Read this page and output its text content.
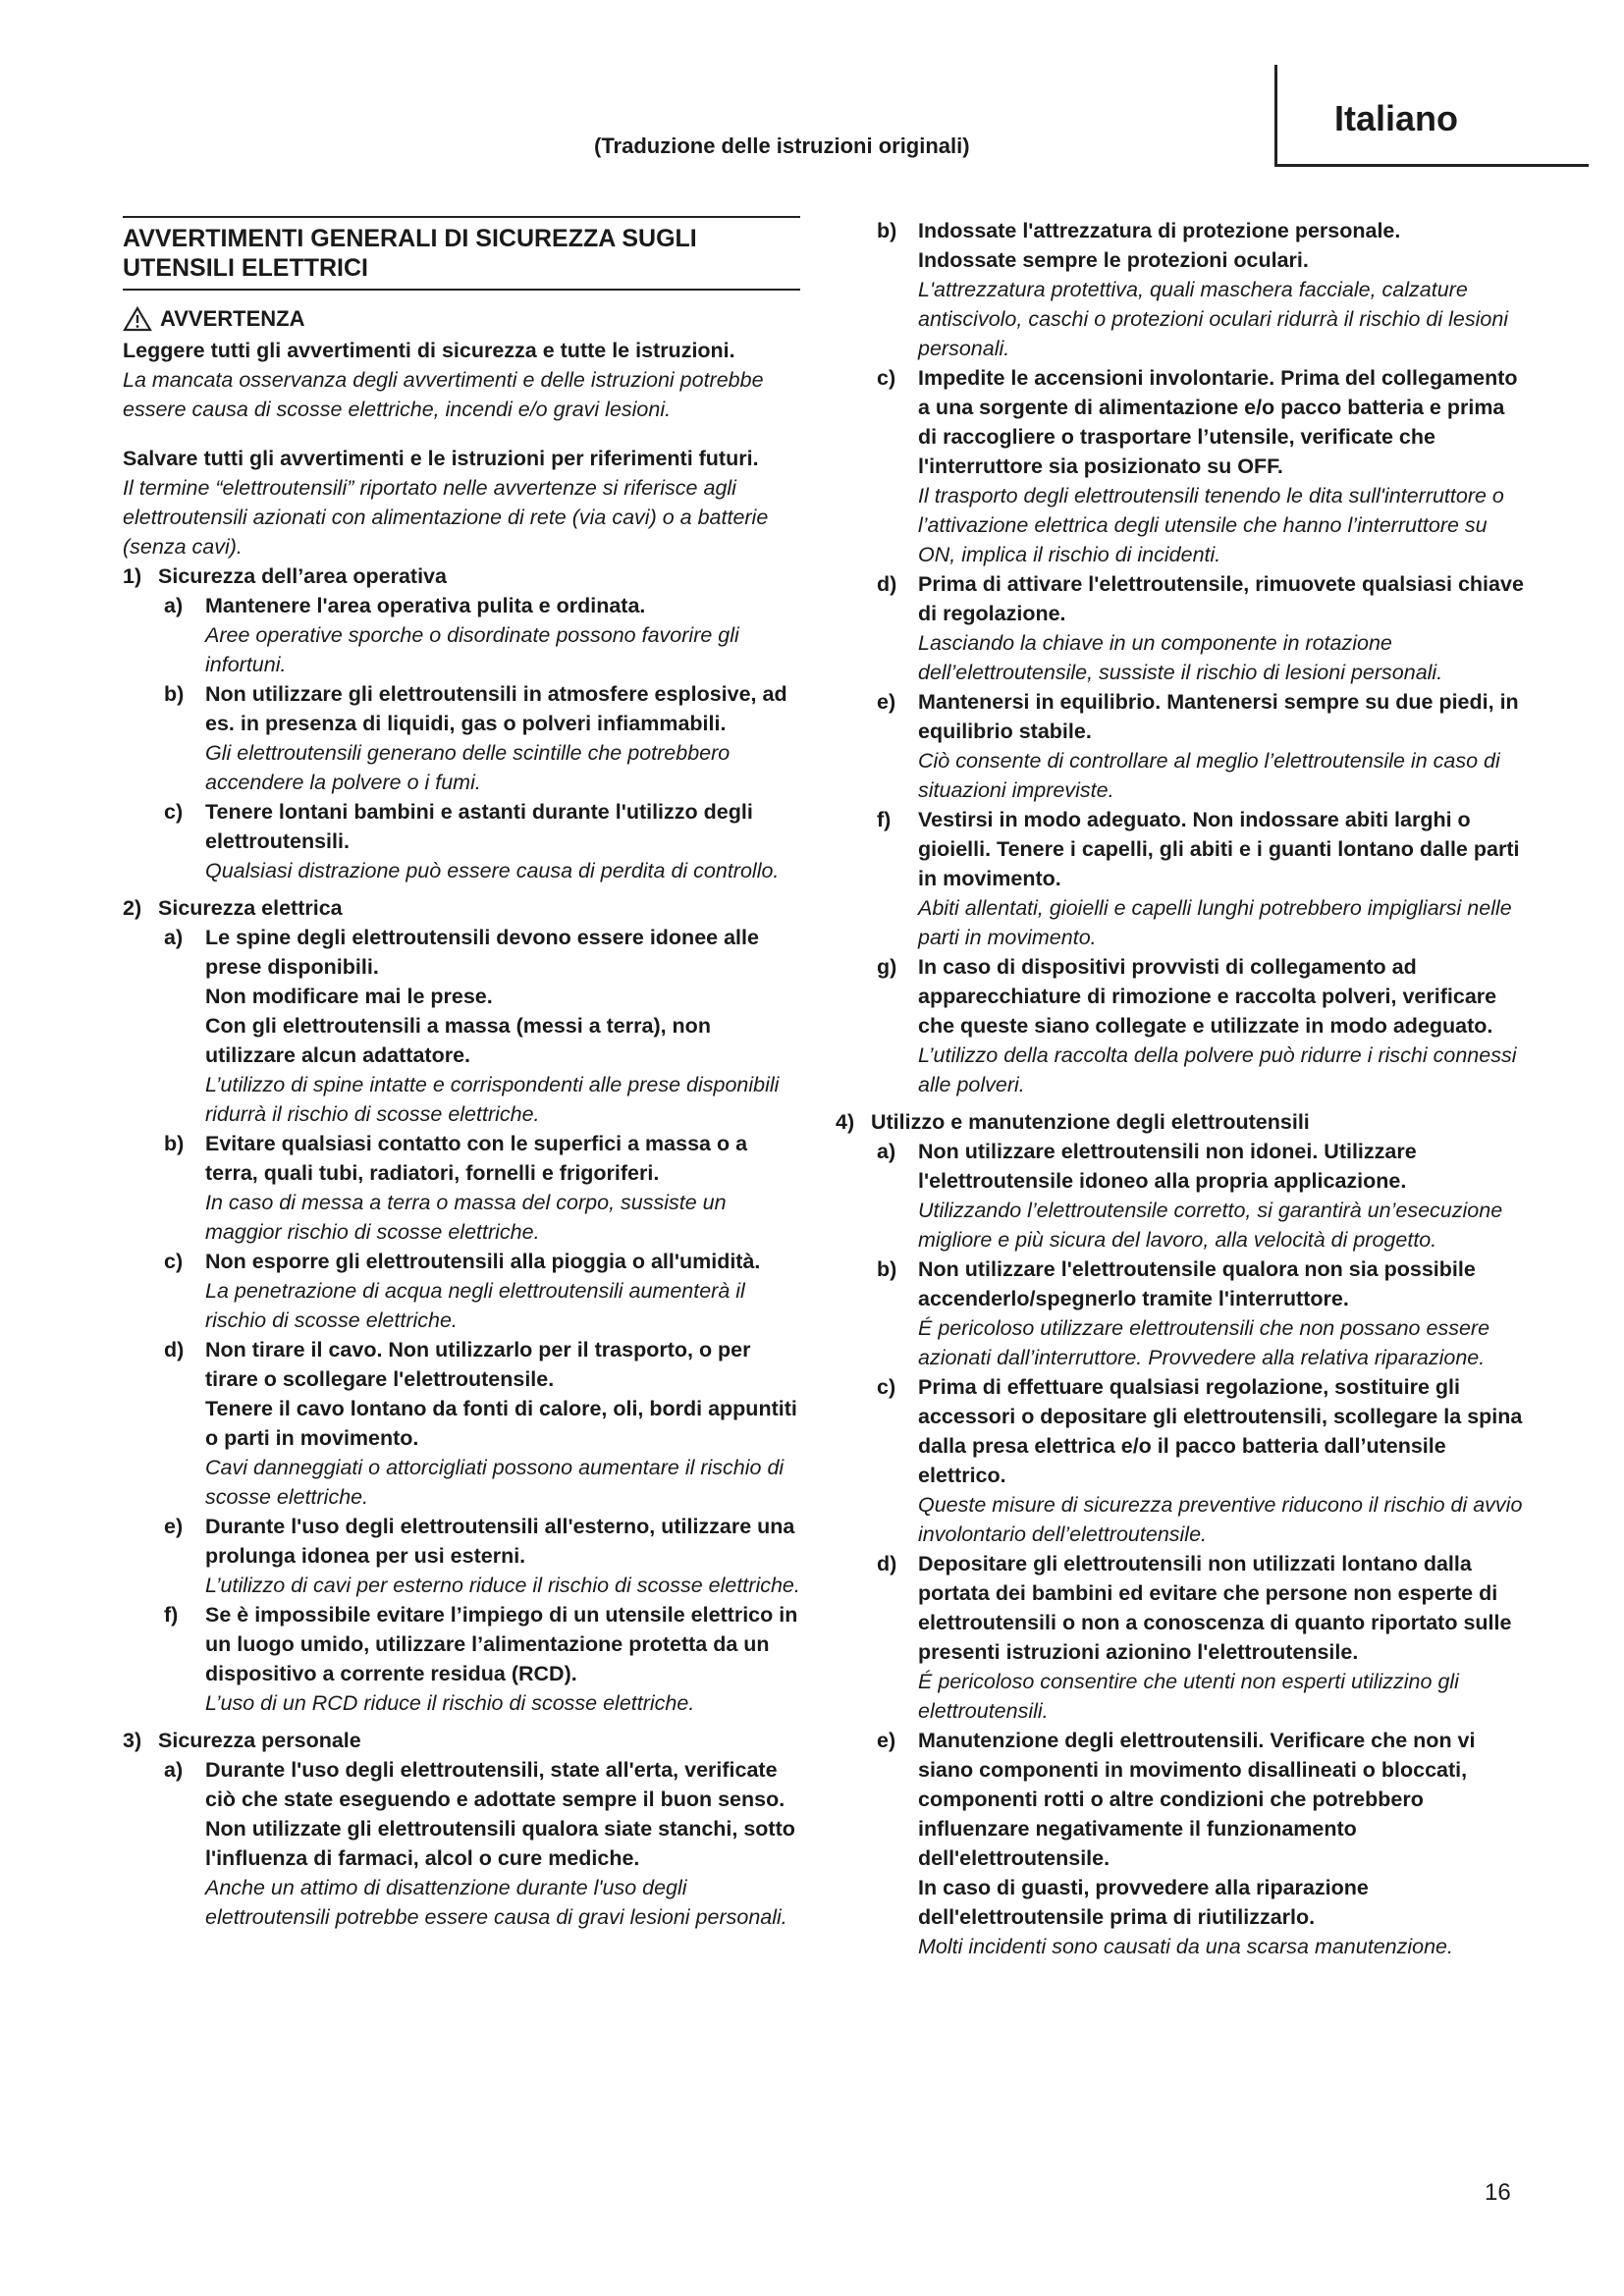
Italiano
(Traduzione delle istruzioni originali)
AVVERTIMENTI GENERALI DI SICUREZZA SUGLI UTENSILI ELETTRICI
AVVERTENZA
Leggere tutti gli avvertimenti di sicurezza e tutte le istruzioni.
La mancata osservanza degli avvertimenti e delle istruzioni potrebbe essere causa di scosse elettriche, incendi e/o gravi lesioni.
Salvare tutti gli avvertimenti e le istruzioni per riferimenti futuri.
Il termine “elettroutensili” riportato nelle avvertenze si riferisce agli elettroutensili azionati con alimentazione di rete (via cavi) o a batterie (senza cavi).
1) Sicurezza dell’area operativa
a)	Mantenere l'area operativa pulita e ordinata.
Aree operative sporche o disordinate possono favorire gli infortuni.
b)	Non utilizzare gli elettroutensili in atmosfere esplosive, ad es. in presenza di liquidi, gas o polveri infiammabili.
Gli elettroutensili generano delle scintille che potrebbero accendere la polvere o i fumi.
c)	Tenere lontani bambini e astanti durante l'utilizzo degli elettroutensili.
Qualsiasi distrazione può essere causa di perdita di controllo.
2) Sicurezza elettrica
a)	Le spine degli elettroutensili devono essere idonee alle prese disponibili.
Non modificare mai le prese.
Con gli elettroutensili a massa (messi a terra), non utilizzare alcun adattatore.
L’utilizzo di spine intatte e corrispondenti alle prese disponibili ridurrà il rischio di scosse elettriche.
b)	Evitare qualsiasi contatto con le superfici a massa o a terra, quali tubi, radiatori, fornelli e frigoriferi.
In caso di messa a terra o massa del corpo, sussiste un maggior rischio di scosse elettriche.
c)	Non esporre gli elettroutensili alla pioggia o all'umidità.
La penetrazione di acqua negli elettroutensili aumenterà il rischio di scosse elettriche.
d)	Non tirare il cavo. Non utilizzarlo per il trasporto, o per tirare o scollegare l'elettroutensile.
Tenere il cavo lontano da fonti di calore, oli, bordi appuntiti o parti in movimento.
Cavi danneggiati o attorcigliati possono aumentare il rischio di scosse elettriche.
e)	Durante l'uso degli elettroutensili all'esterno, utilizzare una prolunga idonea per usi esterni.
L’utilizzo di cavi per esterno riduce il rischio di scosse elettriche.
f)	Se è impossibile evitare l’impiego di un utensile elettrico in un luogo umido, utilizzare l’alimentazione protetta da un dispositivo a corrente residua (RCD).
L’uso di un RCD riduce il rischio di scosse elettriche.
3) Sicurezza personale
a)	Durante l'uso degli elettroutensili, state all'erta, verificate ciò che state eseguendo e adottate sempre il buon senso.
Non utilizzate gli elettroutensili qualora siate stanchi, sotto l'influenza di farmaci, alcol o cure mediche.
Anche un attimo di disattenzione durante l'uso degli elettroutensili potrebbe essere causa di gravi lesioni personali.
b)	Indossate l'attrezzatura di protezione personale.
Indossate sempre le protezioni oculari.
L'attrezzatura protettiva, quali maschera facciale, calzature antiscivolo, caschi o protezioni oculari ridurrà il rischio di lesioni personali.
c)	Impedite le accensioni involontarie. Prima del collegamento a una sorgente di alimentazione e/o pacco batteria e prima di raccogliere o trasportare l’utensile, verificate che l'interruttore sia posizionato su OFF.
Il trasporto degli elettroutensili tenendo le dita sull'interruttore o l’attivazione elettrica degli utensile che hanno l’interruttore su ON, implica il rischio di incidenti.
d)	Prima di attivare l'elettroutensile, rimuovete qualsiasi chiave di regolazione.
Lasciando la chiave in un componente in rotazione dell’elettroutensile, sussiste il rischio di lesioni personali.
e)	Mantenersi in equilibrio. Mantenersi sempre su due piedi, in equilibrio stabile.
Ciò consente di controllare al meglio l’elettroutensile in caso di situazioni impreviste.
f)	Vestirsi in modo adeguato. Non indossare abiti larghi o gioielli. Tenere i capelli, gli abiti e i guanti lontano dalle parti in movimento.
Abiti allentati, gioielli e capelli lunghi potrebbero impigliarsi nelle parti in movimento.
g)	In caso di dispositivi provvisti di collegamento ad apparecchiature di rimozione e raccolta polveri, verificare che queste siano collegate e utilizzate in modo adeguato.
L’utilizzo della raccolta della polvere può ridurre i rischi connessi alle polveri.
4) Utilizzo e manutenzione degli elettroutensili
a)	Non utilizzare elettroutensili non idonei. Utilizzare l'elettroutensile idoneo alla propria applicazione.
Utilizzando l’elettroutensile corretto, si garantirà un’esecuzione migliore e più sicura del lavoro, alla velocità di progetto.
b)	Non utilizzare l'elettroutensile qualora non sia possibile accenderlo/spegnerlo tramite l'interruttore.
É pericoloso utilizzare elettroutensili che non possano essere azionati dall’interruttore. Provvedere alla relativa riparazione.
c)	Prima di effettuare qualsiasi regolazione, sostituire gli accessori o depositare gli elettroutensili, scollegare la spina dalla presa elettrica e/o il pacco batteria dall’utensile elettrico.
Queste misure di sicurezza preventive riducono il rischio di avvio involontario dell’elettroutensile.
d)	Depositare gli elettroutensili non utilizzati lontano dalla portata dei bambini ed evitare che persone non esperte di elettroutensili o non a conoscenza di quanto riportato sulle presenti istruzioni azionino l'elettroutensile.
É pericoloso consentire che utenti non esperti utilizzino gli elettroutensili.
e)	Manutenzione degli elettroutensili. Verificare che non vi siano componenti in movimento disallineati o bloccati, componenti rotti o altre condizioni che potrebbero influenzare negativamente il funzionamento dell'elettroutensile.
In caso di guasti, provvedere alla riparazione dell'elettroutensile prima di riutilizzarlo.
Molti incidenti sono causati da una scarsa manutenzione.
16
